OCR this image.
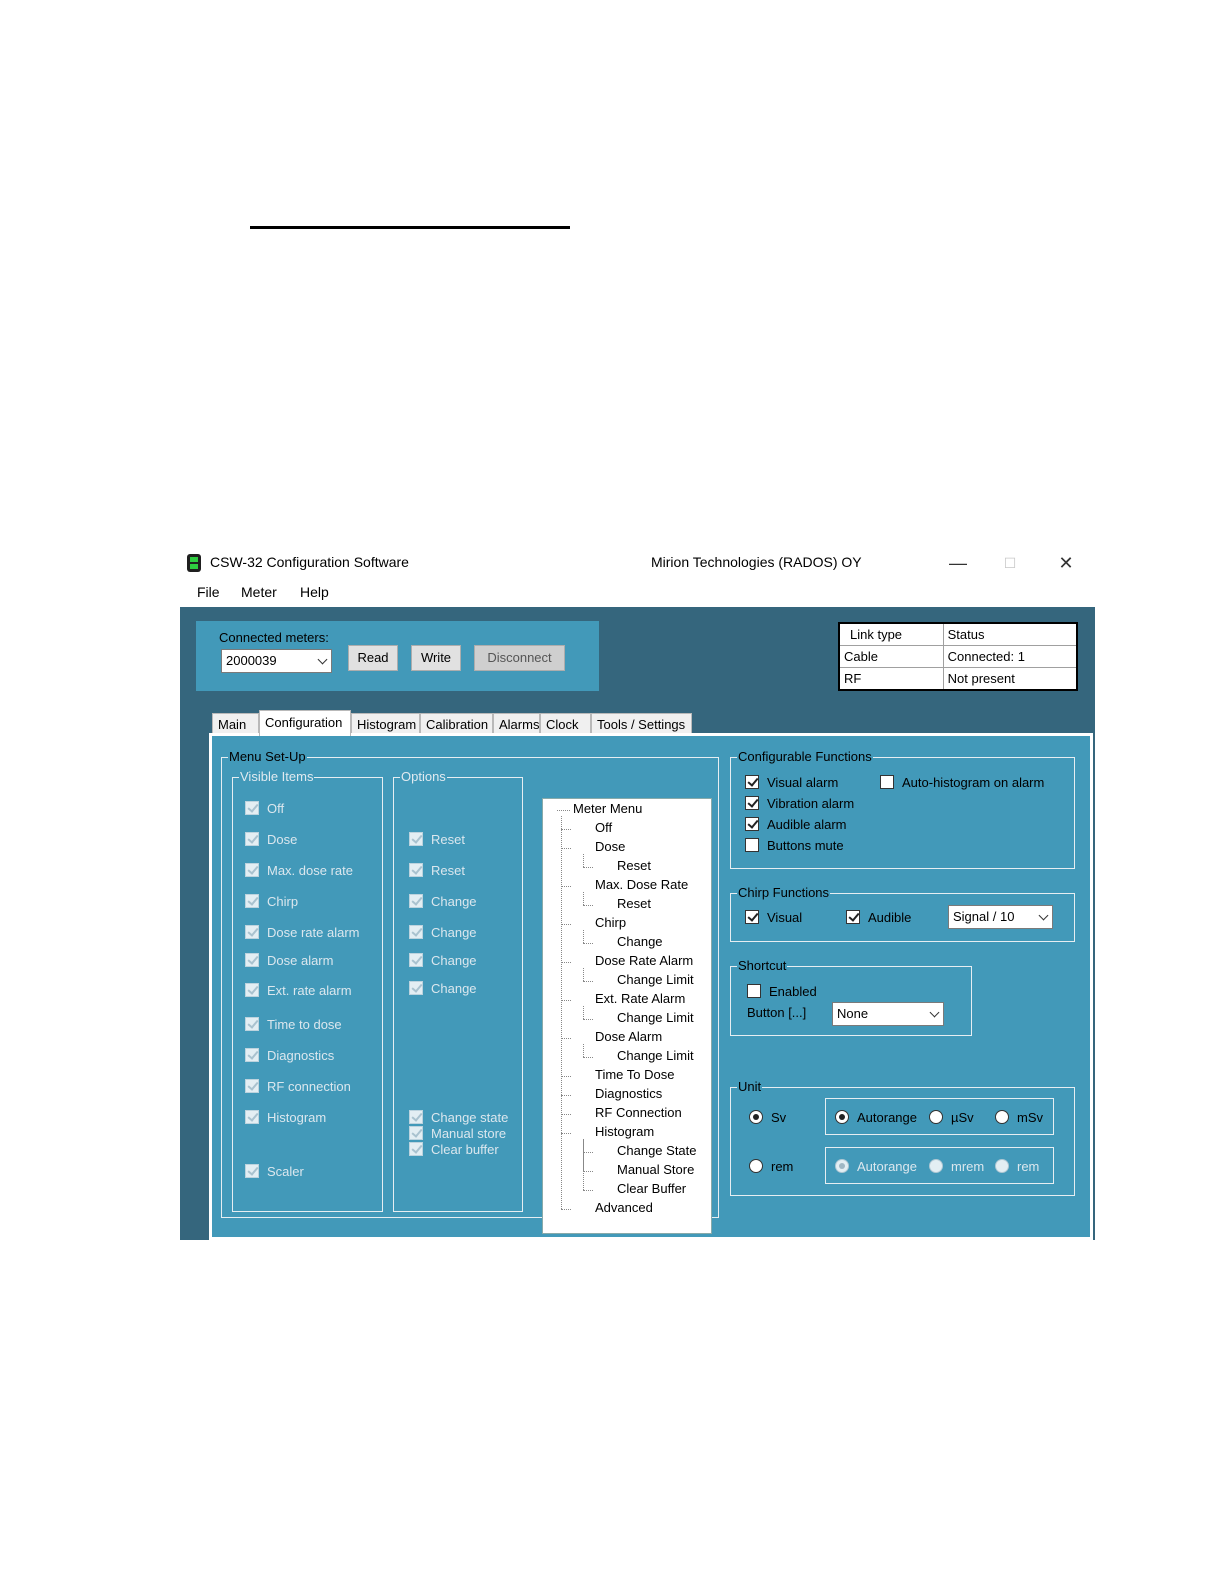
CSW-32 Configuration Software	Mirion Technologies (RADOS) OY	—	☐	✕
File Meter Help
Connected meters:
2000039	Read	Write	Disconnect
Link type	Status
Cable	Connected: 1
RF	Not present
Main	Configuration	Histogram Calibration Alarms Clock	Tools / Settings
Menu Set-Up
Visible Items
Off
Dose
Max. dose rate
Chirp
Dose rate alarm
Dose alarm
Ext. rate alarm
Time to dose
Diagnostics
RF connection
Histogram
Scaler
Options
Reset
Reset
Change
Change
Change
Change
Change state
Manual store
Clear buffer
Meter Menu
Off
Dose
Reset
Max. Dose Rate
Reset
Chirp
Change
Dose Rate Alarm
Change Limit
Ext. Rate Alarm
Change Limit
Dose Alarm
Change Limit
Time To Dose
Diagnostics
RF Connection
Histogram
Change State
Manual Store
Clear Buffer
Advanced
Configurable Functions
Visual alarm	Auto-histogram on alarm
Vibration alarm
Audible alarm
Buttons mute
Chirp Functions
Visual	Audible	Signal / 10
Shortcut
Enabled
Button [...] None
Unit
Sv
rem
Autorange	µSv	mSv
Autorange	mrem	rem
